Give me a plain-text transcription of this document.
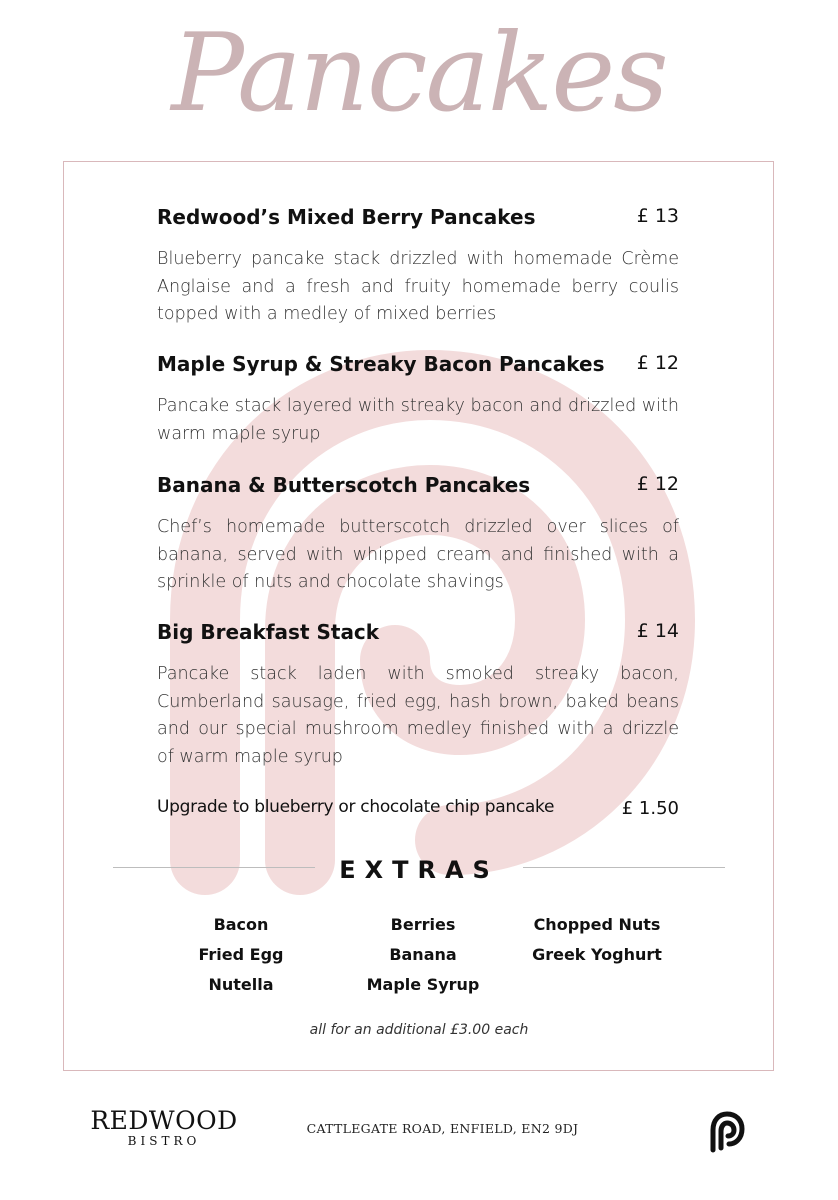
Pancakes
Redwood’s Mixed Berry Pancakes	£ 13
Blueberry pancake stack drizzled with homemade Crème Anglaise and a fresh and fruity homemade berry coulis topped with a medley of mixed berries
Maple Syrup & Streaky Bacon Pancakes £ 12
Pancake stack layered with streaky bacon and drizzled with warm maple syrup
Banana & Butterscotch Pancakes	£ 12
Chef’s homemade butterscotch drizzled over slices of banana, served with whipped cream and finished with a sprinkle of nuts and chocolate shavings
Big Breakfast Stack	£ 14
Pancake stack laden with smoked streaky bacon, Cumberland sausage, fried egg, hash brown, baked beans and our special mushroom medley finished with a drizzle of warm maple syrup
Upgrade to blueberry or chocolate chip pancake	£ 1.50
EXTRAS
Bacon
Fried Egg
Nutella
Berries
Banana
Maple Syrup
Chopped Nuts
Greek Yoghurt
all for an additional £3.00 each
REDWOOD
BISTRO
CATTLEGATE ROAD, ENFIELD, EN2 9DJ
